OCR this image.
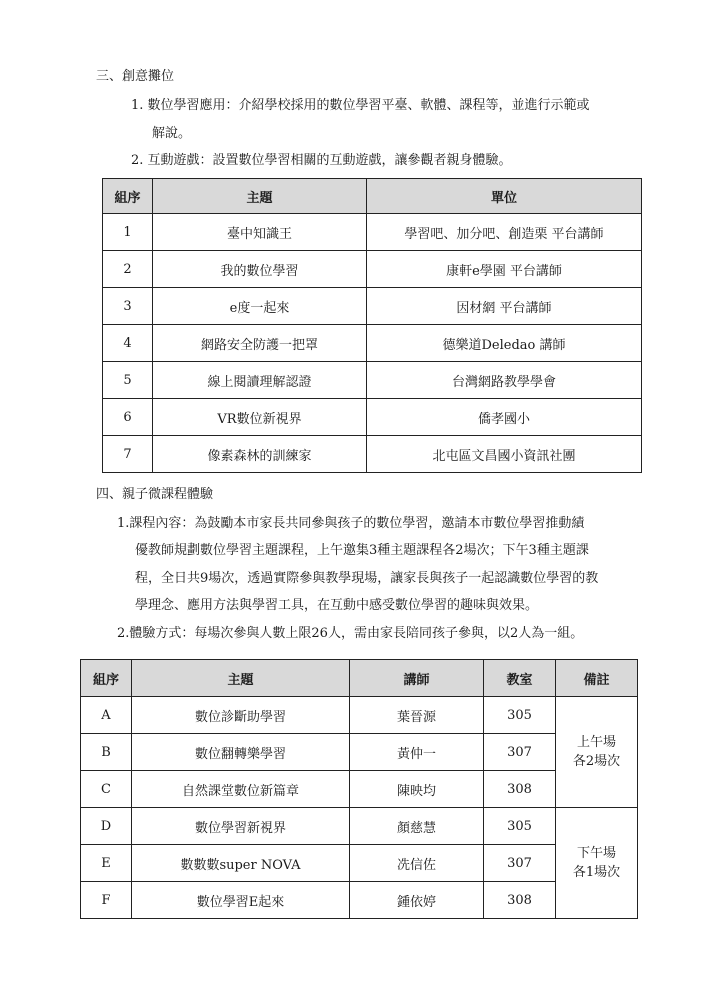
三、創意攤位
1. 數位學習應用：介紹學校採用的數位學習平臺、軟體、課程等，並進行示範或
解說。
2. 互動遊戲：設置數位學習相關的互動遊戲，讓參觀者親身體驗。
組序	主題	單位
1	臺中知識王	學習吧、加分吧、創造栗 平台講師
2	我的數位學習	康軒e學園 平台講師
3	e度一起來	因材網 平台講師
4	網路安全防護一把罩	德樂道Deledao 講師
5	線上閱讀理解認證	台灣網路教學學會
6	VR數位新視界	僑孝國小
7	像素森林的訓練家	北屯區文昌國小資訊社團
四、親子微課程體驗
1.課程內容：為鼓勵本市家長共同參與孩子的數位學習，邀請本市數位學習推動績
優教師規劃數位學習主題課程，上午邀集3種主題課程各2場次；下午3種主題課
程，全日共9場次，透過實際參與教學現場，讓家長與孩子一起認識數位學習的教
學理念、應用方法與學習工具，在互動中感受數位學習的趣味與效果。
2.體驗方式：每場次參與人數上限26人，需由家長陪同孩子參與，以2人為一組。
組序	主題	講師	教室	備註
A	數位診斷助學習	葉晉源	305	上午場
各2場次

B	數位翻轉樂學習	黃仲一	307	
C	自然課堂數位新篇章	陳映均	308	
D	數位學習新視界	顏慈慧	305	下午場
各1場次

E	數數數super NOVA	冼信佐	307	
F	數位學習E起來	鍾依婷	308	
